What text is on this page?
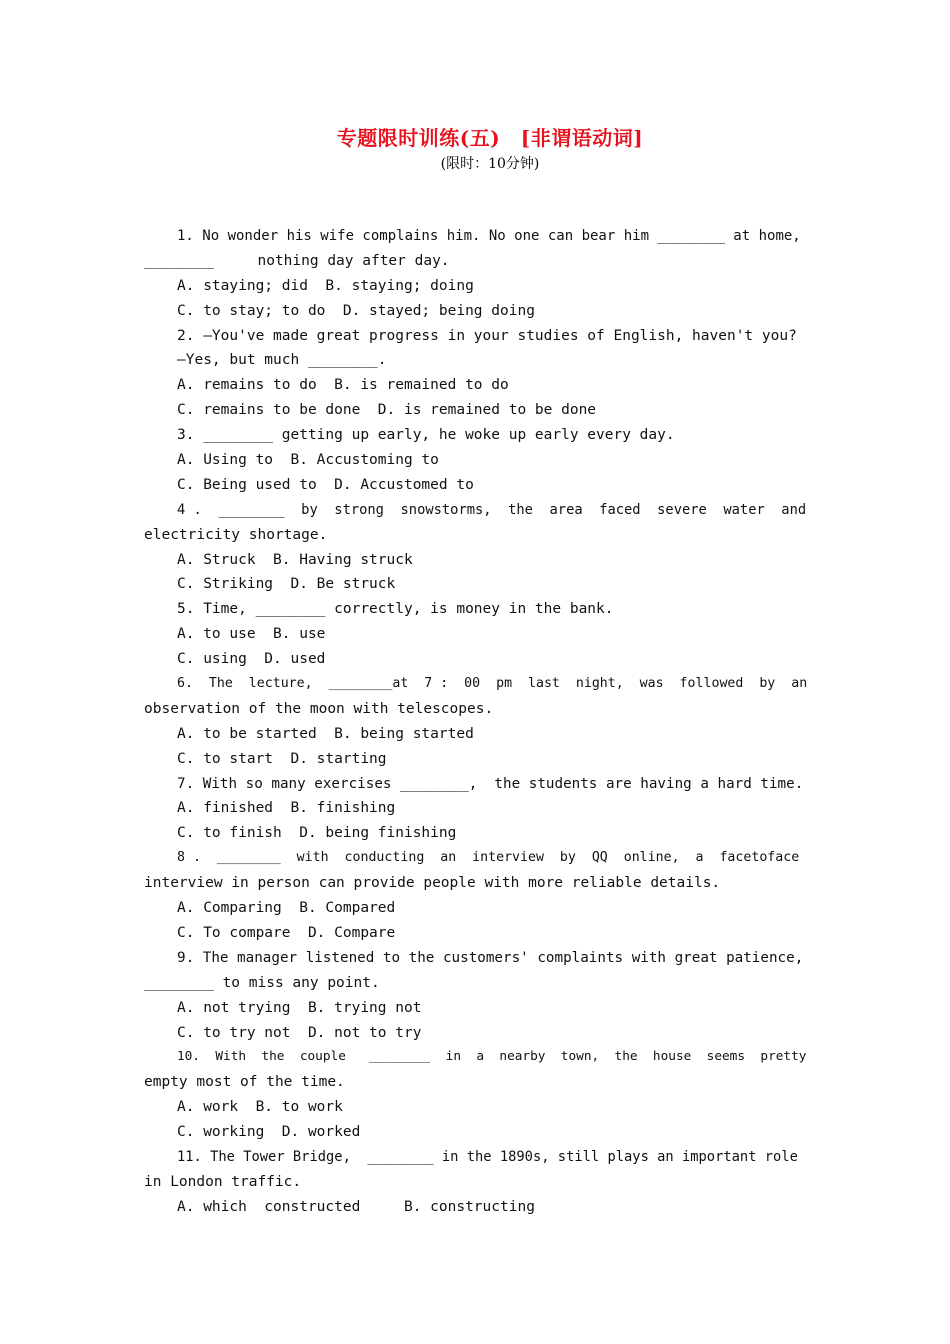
专题限时训练(五)　[非谓语动词]
(限时：10分钟)
1. No wonder his wife complains him. No one can bear him ________ at home,
________     nothing day after day.
A. staying; did  B. staying; doing
C. to stay; to do  D. stayed; being doing
2. —You've made great progress in your studies of English, haven't you?
—Yes, but much ________.
A. remains to do  B. is remained to do
C. remains to be done  D. is remained to be done
3. ________ getting up early, he woke up early every day.
A. Using to  B. Accustoming to
C. Being used to  D. Accustomed to
4 .  ________  by  strong  snowstorms,  the  area  faced  severe  water  and
electricity shortage.
A. Struck  B. Having struck
C. Striking  D. Be struck
5. Time, ________ correctly, is money in the bank.
A. to use  B. use
C. using  D. used
6.  The  lecture,  ________at  7 :  00  pm  last  night,  was  followed  by  an
observation of the moon with telescopes.
A. to be started  B. being started
C. to start  D. starting
7. With so many exercises ________,  the students are having a hard time.
A. finished  B. finishing
C. to finish  D. being finishing
8 .  ________  with  conducting  an  interview  by  QQ  online,  a  facetoface
interview in person can provide people with more reliable details.
A. Comparing  B. Compared
C. To compare  D. Compare
9. The manager listened to the customers' complaints with great patience,
________ to miss any point.
A. not trying  B. trying not
C. to try not  D. not to try
10.  With  the  couple   ________  in  a  nearby  town,  the  house  seems  pretty
empty most of the time.
A. work  B. to work
C. working  D. worked
11. The Tower Bridge,  ________ in the 1890s, still plays an important role
in London traffic.
A. which  constructed     B. constructing
